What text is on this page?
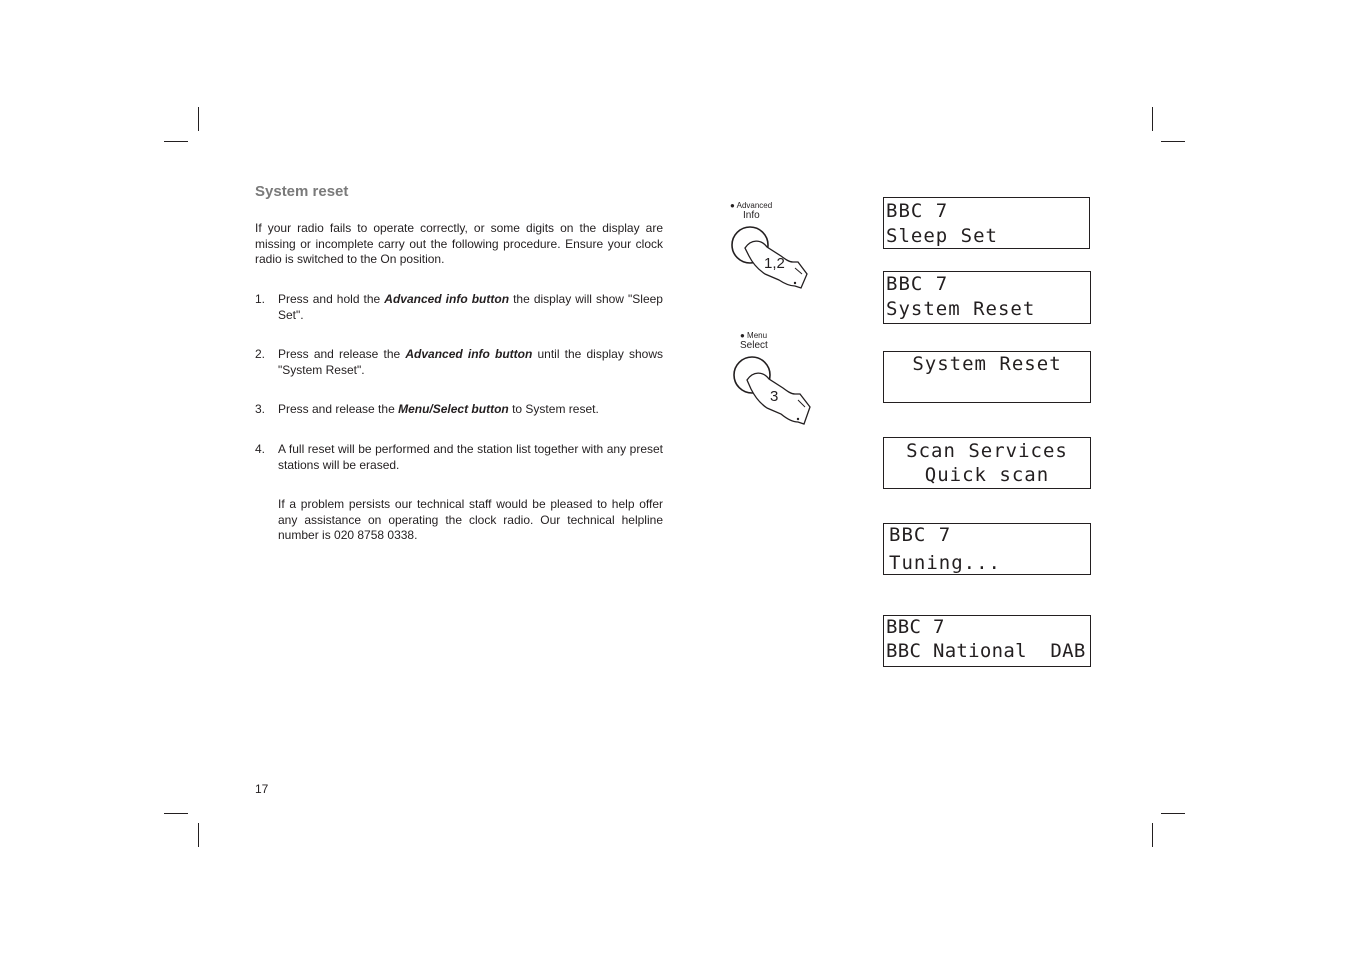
System reset
If your radio fails to operate correctly, or some digits on the display are missing or incomplete carry out the following procedure. Ensure your clock radio is switched to the On position.
1. Press and hold the Advanced info button the display will show "Sleep Set".
2. Press and release the Advanced info button until the display shows "System Reset".
3. Press and release the Menu/Select button to System reset.
4. A full reset will be performed and the station list together with any preset stations will be erased.
If a problem persists our technical staff would be pleased to help offer any assistance on operating the clock radio. Our technical helpline number is 020 8758 0338.
17
● Advanced
Info
1,2
● Menu
Select
3
BBC 7
Sleep Set
BBC 7
System Reset
System Reset
Scan Services
Quick scan
BBC 7
Tuning...
BBC 7
BBC National  DAB
